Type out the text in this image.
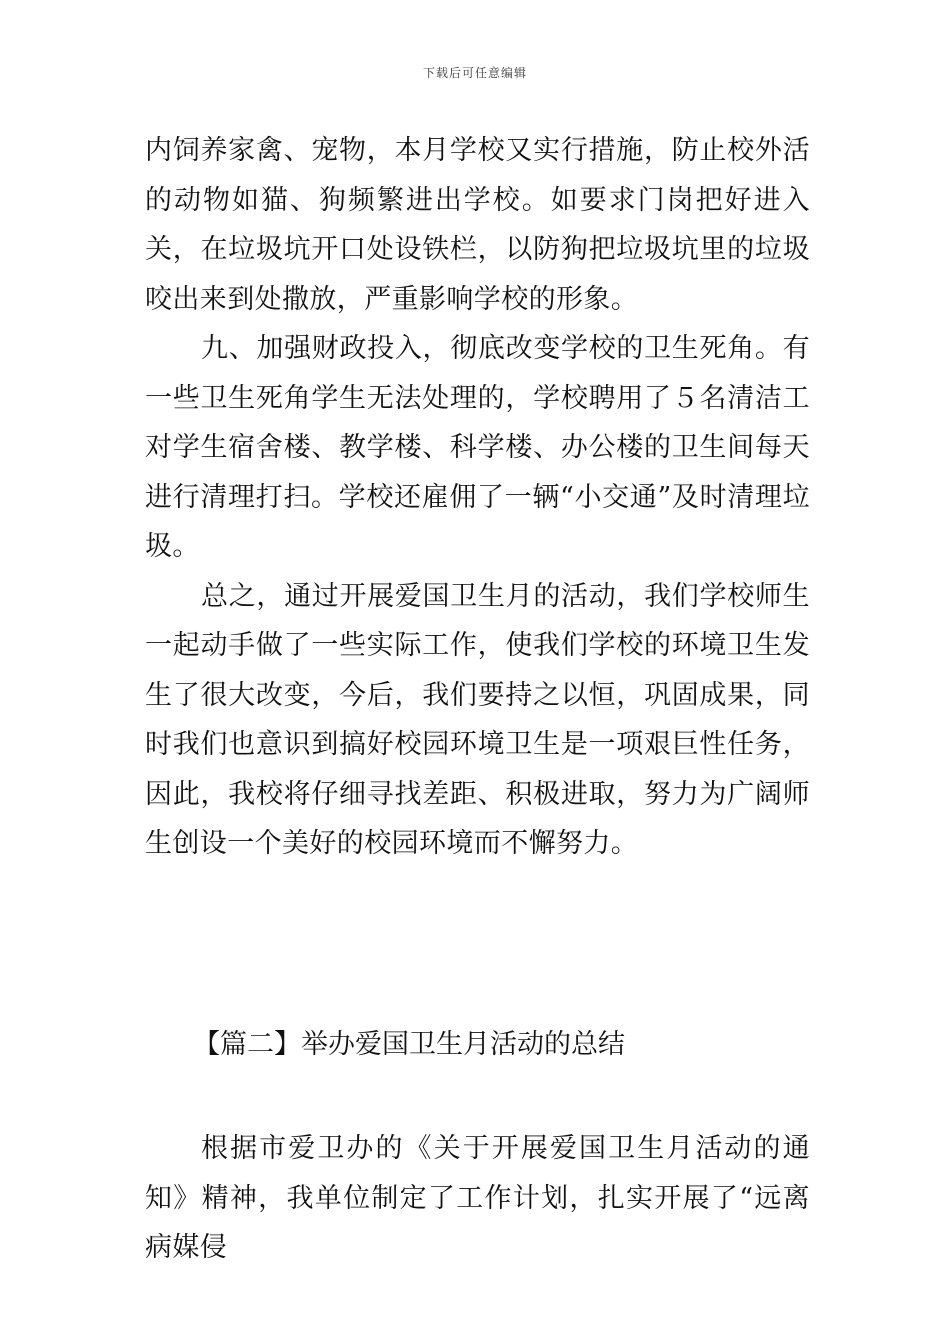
下载后可任意编辑

内饲养家禽、宠物，本月学校又实行措施，防止校外活的动物如猫、狗频繁进出学校。如要求门岗把好进入关，在垃圾坑开口处设铁栏，以防狗把垃圾坑里的垃圾咬出来到处撒放，严重影响学校的形象。

九、加强财政投入，彻底改变学校的卫生死角。有一些卫生死角学生无法处理的，学校聘用了５名清洁工对学生宿舍楼、教学楼、科学楼、办公楼的卫生间每天进行清理打扫。学校还雇佣了一辆“小交通”及时清理垃圾。

总之，通过开展爱国卫生月的活动，我们学校师生一起动手做了一些实际工作，使我们学校的环境卫生发生了很大改变，今后，我们要持之以恒，巩固成果，同时我们也意识到搞好校园环境卫生是一项艰巨性任务，因此，我校将仔细寻找差距、积极进取，努力为广阔师生创设一个美好的校园环境而不懈努力。

【篇二】举办爱国卫生月活动的总结

根据市爱卫办的《关于开展爱国卫生月活动的通知》精神，我单位制定了工作计划，扎实开展了“远离病媒侵
